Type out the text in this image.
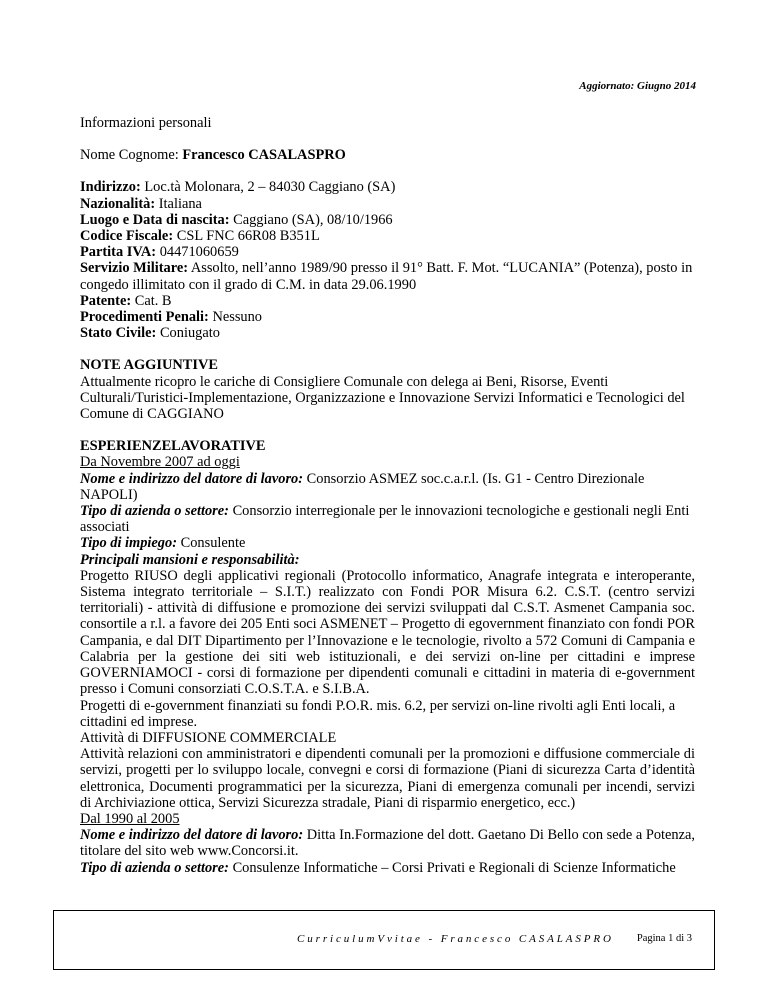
Aggiornato: Giugno 2014

Informazioni personali

Nome Cognome: Francesco CASALASPRO

Indirizzo: Loc.tà Molonara, 2 – 84030 Caggiano (SA)

Nazionalità: Italiana

Luogo e Data di nascita: Caggiano (SA), 08/10/1966

Codice Fiscale: CSL FNC 66R08 B351L

Partita IVA: 04471060659

Servizio Militare: Assolto, nell’anno 1989/90 presso il 91° Batt. F. Mot. “LUCANIA” (Potenza), posto in congedo illimitato con il grado di C.M. in data 29.06.1990

Patente: Cat. B

Procedimenti Penali: Nessuno

Stato Civile: Coniugato

NOTE AGGIUNTIVE

Attualmente ricopro le cariche di Consigliere Comunale con delega ai Beni, Risorse, Eventi Culturali/Turistici-Implementazione, Organizzazione e Innovazione Servizi Informatici e Tecnologici del Comune di CAGGIANO

ESPERIENZELAVORATIVE

Da Novembre 2007 ad oggi

Nome e indirizzo del datore di lavoro: Consorzio ASMEZ soc.c.a.r.l. (Is. G1 - Centro Direzionale NAPOLI)

Tipo di azienda o settore: Consorzio interregionale per le innovazioni tecnologiche e gestionali negli Enti associati

Tipo di impiego: Consulente

Principali mansioni e responsabilità:

Progetto RIUSO degli applicativi regionali (Protocollo informatico, Anagrafe integrata e interoperante, Sistema integrato territoriale – S.I.T.) realizzato con Fondi POR Misura 6.2. C.S.T. (centro servizi territoriali) - attività di diffusione e promozione dei servizi sviluppati dal C.S.T. Asmenet Campania soc. consortile a r.l. a favore dei 205 Enti soci ASMENET – Progetto di egovernment finanziato con fondi POR Campania, e dal DIT Dipartimento per l’Innovazione e le tecnologie, rivolto a 572 Comuni di Campania e Calabria per la gestione dei siti web istituzionali, e dei servizi on-line per cittadini e imprese GOVERNIAMOCI - corsi di formazione per dipendenti comunali e cittadini in materia di e-government presso i Comuni consorziati C.O.S.T.A. e S.I.B.A.

Progetti di e-government finanziati su fondi P.O.R. mis. 6.2, per servizi on-line rivolti agli Enti locali, a cittadini ed imprese.

Attività di DIFFUSIONE COMMERCIALE

Attività relazioni con amministratori e dipendenti comunali per la promozioni e diffusione commerciale di servizi, progetti per lo sviluppo locale, convegni e corsi di formazione (Piani di sicurezza Carta d’identità elettronica, Documenti programmatici per la sicurezza, Piani di emergenza comunali per incendi, servizi di Archiviazione ottica, Servizi Sicurezza stradale, Piani di risparmio energetico, ecc.)

Dal 1990 al 2005

Nome e indirizzo del datore di lavoro: Ditta In.Formazione del dott. Gaetano Di Bello con sede a Potenza, titolare del sito web www.Concorsi.it.

Tipo di azienda o settore: Consulenze Informatiche – Corsi Privati e Regionali di Scienze Informatiche

CurriculumVvitae - Francesco CASALASPRO Pagina 1 di 3
